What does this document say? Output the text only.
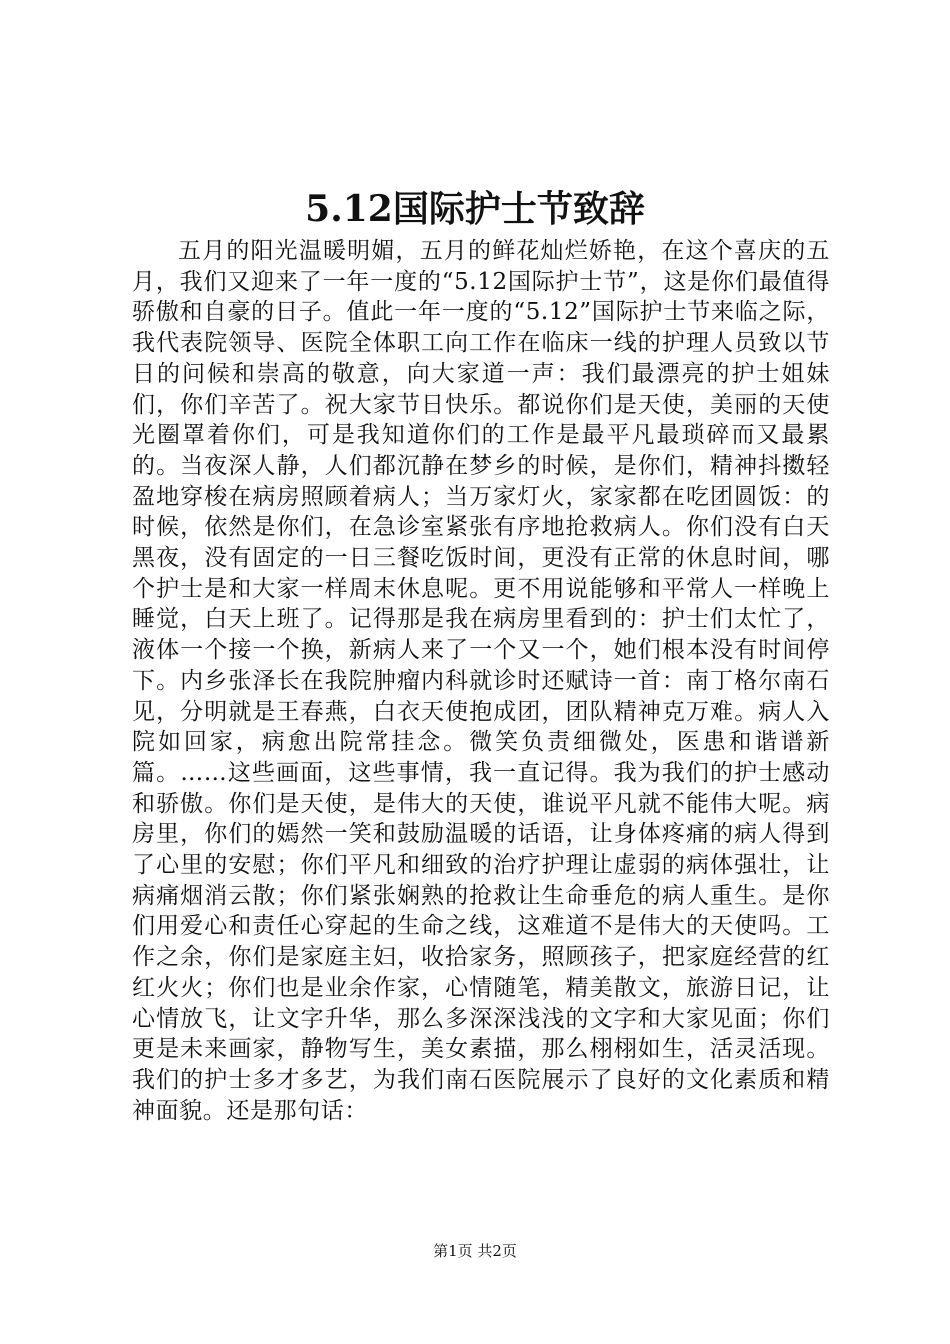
5.12国际护士节致辞

五月的阳光温暖明媚，五月的鲜花灿烂娇艳，在这个喜庆的五月，我们又迎来了一年一度的“5.12国际护士节”，这是你们最值得骄傲和自豪的日子。值此一年一度的“5.12”国际护士节来临之际，我代表院领导、医院全体职工向工作在临床一线的护理人员致以节日的问候和崇高的敬意，向大家道一声：我们最漂亮的护士姐妹们，你们辛苦了。祝大家节日快乐。都说你们是天使，美丽的天使光圈罩着你们，可是我知道你们的工作是最平凡最琐碎而又最累的。当夜深人静，人们都沉静在梦乡的时候，是你们，精神抖擞轻盈地穿梭在病房照顾着病人；当万家灯火，家家都在吃团圆饭：的时候，依然是你们，在急诊室紧张有序地抢救病人。你们没有白天黑夜，没有固定的一日三餐吃饭时间，更没有正常的休息时间，哪个护士是和大家一样周末休息呢。更不用说能够和平常人一样晚上睡觉，白天上班了。记得那是我在病房里看到的：护士们太忙了，液体一个接一个换，新病人来了一个又一个，她们根本没有时间停下。内乡张泽长在我院肿瘤内科就诊时还赋诗一首：南丁格尔南石见，分明就是王春燕，白衣天使抱成团，团队精神克万难。病人入院如回家，病愈出院常挂念。微笑负责细微处，医患和谐谱新篇。……这些画面，这些事情，我一直记得。我为我们的护士感动和骄傲。你们是天使，是伟大的天使，谁说平凡就不能伟大呢。病房里，你们的嫣然一笑和鼓励温暖的话语，让身体疼痛的病人得到了心里的安慰；你们平凡和细致的治疗护理让虚弱的病体强壮，让病痛烟消云散；你们紧张娴熟的抢救让生命垂危的病人重生。是你们用爱心和责任心穿起的生命之线，这难道不是伟大的天使吗。工作之余，你们是家庭主妇，收拾家务，照顾孩子，把家庭经营的红红火火；你们也是业余作家，心情随笔，精美散文，旅游日记，让心情放飞，让文字升华，那么多深深浅浅的文字和大家见面；你们更是未来画家，静物写生，美女素描，那么栩栩如生，活灵活现。我们的护士多才多艺，为我们南石医院展示了良好的文化素质和精神面貌。还是那句话：

第1页 共2页
